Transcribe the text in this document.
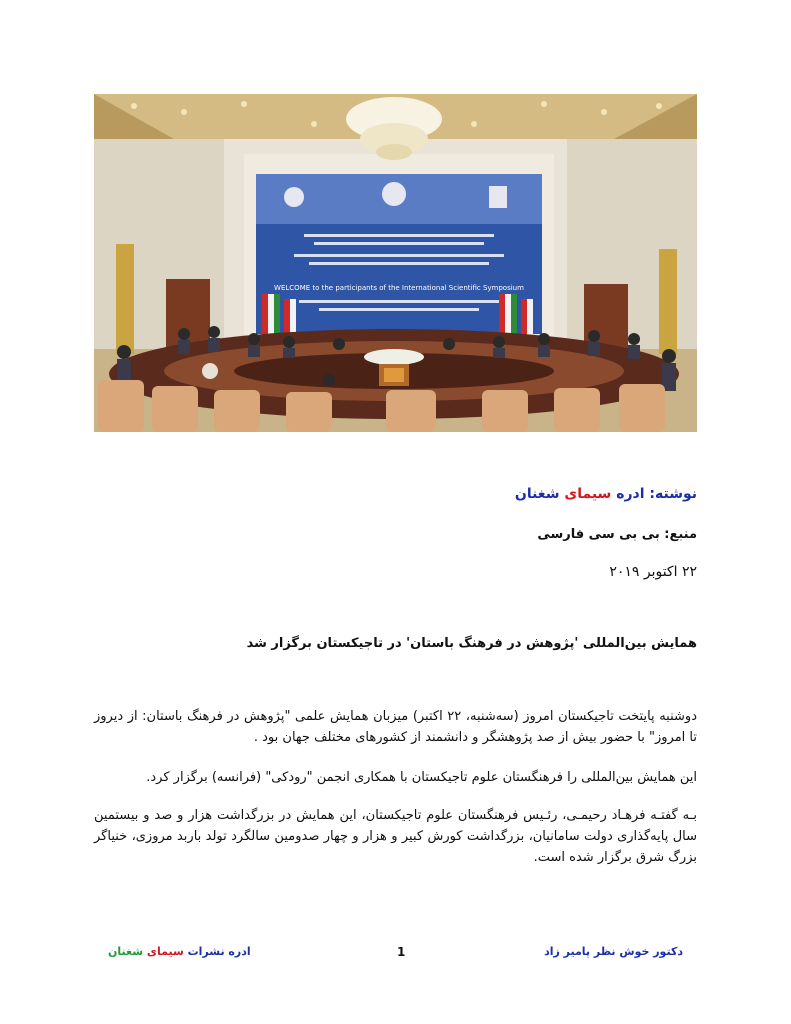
WELCOME to the participants of the International Scientific Symposium
نوشته: ادره سیمای شغنان
منبع: بی بی سی فارسی
۲۲ اکتوبر ۲۰۱۹
همایش بین‌المللی 'پژوهش در فرهنگ باستان' در تاجیکستان برگزار شد
دوشنبه پایتخت تاجیکستان امروز (سه‌شنبه، ۲۲ اکتبر) میزبان همایش علمی "پژوهش در فرهنگ باستان: از دیروز تا امروز" با حضور بیش از صد پژوهشگر و دانشمند از کشورهای مختلف جهان بود .
این همایش بین‌المللی را فرهنگستان علوم تاجیکستان با همکاری انجمن "رودکی" (فرانسه) برگزار کرد.
بـه گفتـه فرهـاد رحیمـی، رئـیس فرهنگستان علوم تاجیکستان، این همایش در بزرگداشت هزار و صد و بیستمین سال پایه‌گذاری دولت سامانیان، بزرگداشت کورش کبیر و هزار و چهار صدومین سالگرد تولد باربد مروزی، خنیاگر بزرگ شرق برگزار شده است.
ادره نشرات سیمای شغنان	1	دکتور خوش نظر پامیر زاد
